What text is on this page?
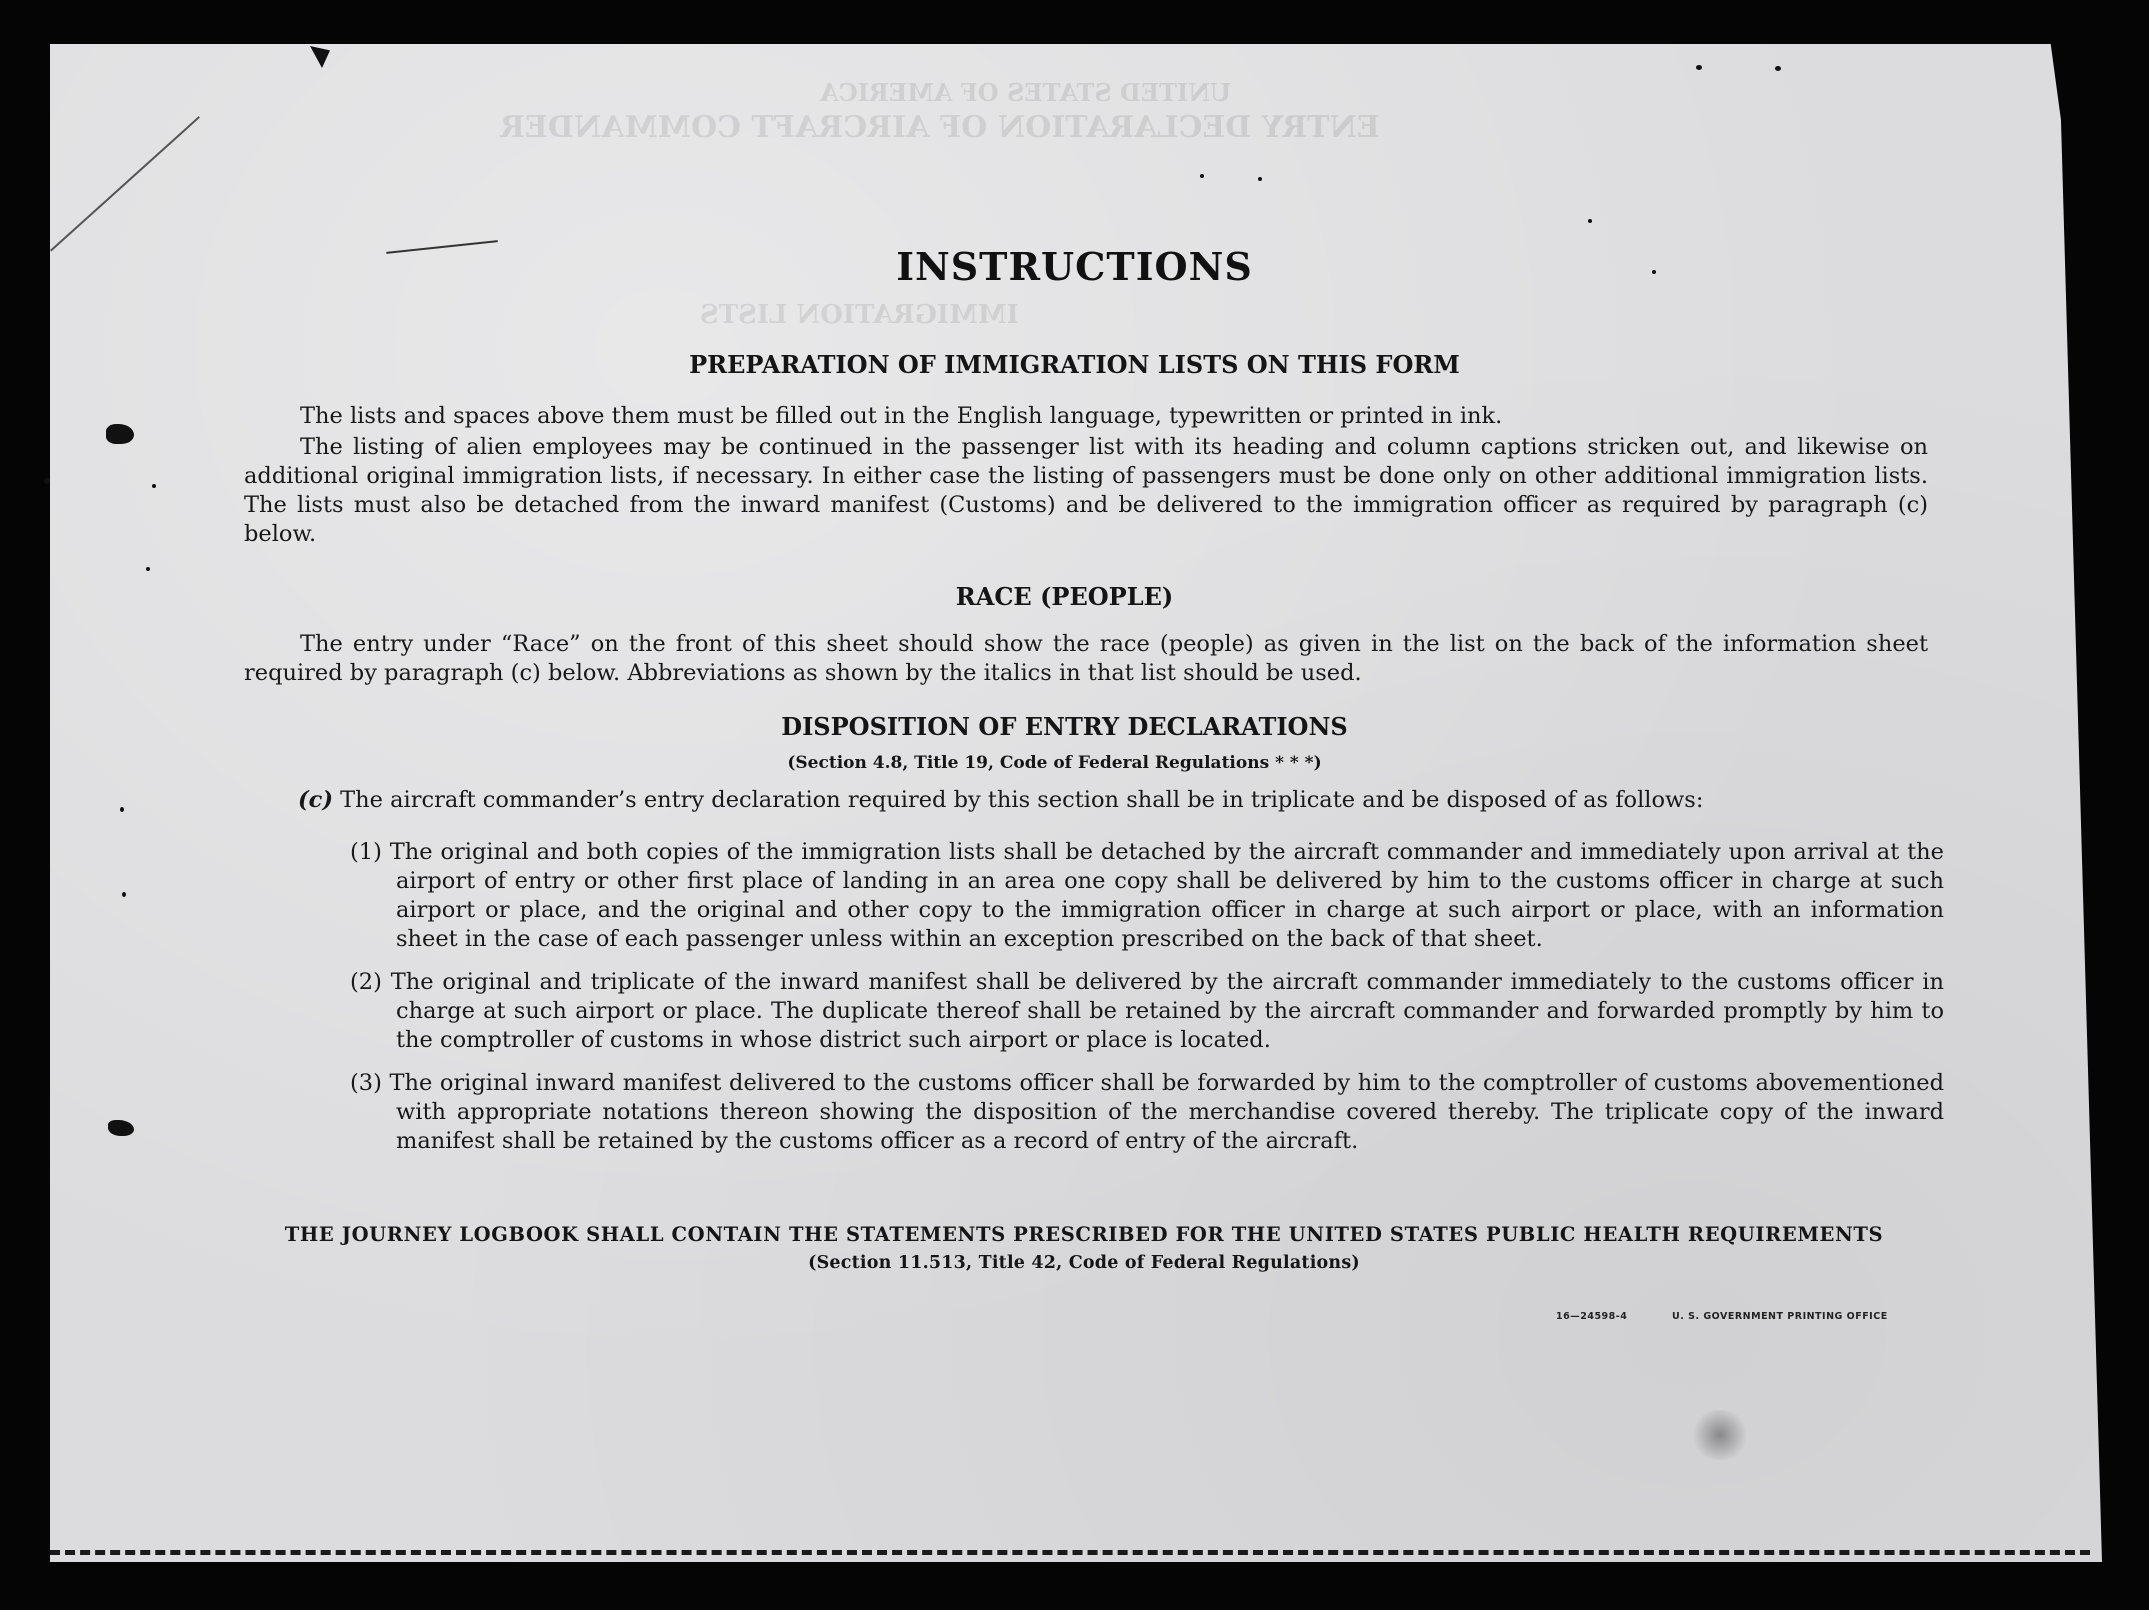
UNITED STATES OF AMERICA
ENTRY DECLARATION OF AIRCRAFT COMMANDER
IMMIGRATION LISTS
INSTRUCTIONS
PREPARATION OF IMMIGRATION LISTS ON THIS FORM

The lists and spaces above them must be filled out in the English language, typewritten or printed in ink.

The listing of alien employees may be continued in the passenger list with its heading and column captions stricken out, and likewise on additional original immigration lists, if necessary. In either case the listing of passengers must be done only on other additional immigration lists. The lists must also be detached from the inward manifest (Customs) and be delivered to the immigration officer as required by paragraph (c) below.

RACE (PEOPLE)

The entry under “Race” on the front of this sheet should show the race (people) as given in the list on the back of the information sheet required by paragraph (c) below. Abbreviations as shown by the italics in that list should be used.

DISPOSITION OF ENTRY DECLARATIONS
(Section 4.8, Title 19, Code of Federal Regulations * * *)

(c) The aircraft commander’s entry declaration required by this section shall be in triplicate and be disposed of as follows:

(1) The original and both copies of the immigration lists shall be detached by the aircraft commander and immediately upon arrival at the airport of entry or other first place of landing in an area one copy shall be delivered by him to the customs officer in charge at such airport or place, and the original and other copy to the immigration officer in charge at such airport or place, with an information sheet in the case of each passenger unless within an exception prescribed on the back of that sheet.
(2) The original and triplicate of the inward manifest shall be delivered by the aircraft commander immediately to the customs officer in charge at such airport or place. The duplicate thereof shall be retained by the aircraft commander and forwarded promptly by him to the comptroller of customs in whose district such airport or place is located.
(3) The original inward manifest delivered to the customs officer shall be forwarded by him to the comptroller of customs abovementioned with appropriate notations thereon showing the disposition of the merchandise covered thereby. The triplicate copy of the inward manifest shall be retained by the customs officer as a record of entry of the aircraft.
THE JOURNEY LOGBOOK SHALL CONTAIN THE STATEMENTS PRESCRIBED FOR THE UNITED STATES PUBLIC HEALTH REQUIREMENTS
(Section 11.513, Title 42, Code of Federal Regulations)
16—24598-4	U. S. GOVERNMENT PRINTING OFFICE
